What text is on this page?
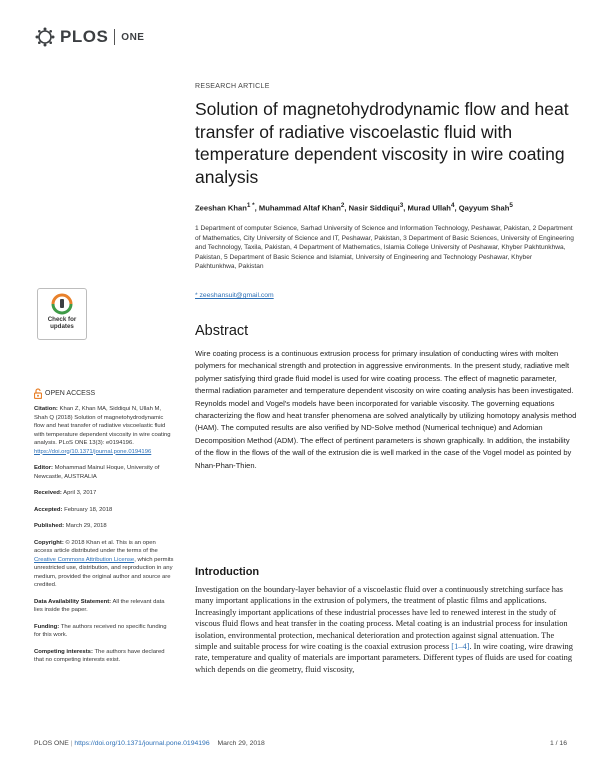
PLOS ONE
RESEARCH ARTICLE
Solution of magnetohydrodynamic flow and heat transfer of radiative viscoelastic fluid with temperature dependent viscosity in wire coating analysis
Zeeshan Khan$^{1 *}$, Muhammad Altaf Khan$^2$, Nasir Siddiqui$^3$, Murad Ullah$^4$, Qayyum Shah$^5$
1 Department of computer Science, Sarhad University of Science and Information Technology, Peshawar, Pakistan, 2 Department of Mathematics, City University of Science and IT, Peshawar, Pakistan, 3 Department of Basic Sciences, University of Engineering and Technology, Taxila, Pakistan, 4 Department of Mathematics, Islamia College University of Peshawar, Khyber Pakhtunkhwa, Pakistan, 5 Department of Basic Science and Islamiat, University of Engineering and Technology Peshawar, Khyber Pakhtunkhwa, Pakistan
* zeeshansuit@gmail.com
Abstract

Wire coating process is a continuous extrusion process for primary insulation of conducting wires with molten polymers for mechanical strength and protection in aggressive environments. In the present study, radiative melt polymer satisfying third grade fluid model is used for wire coating process. The effect of magnetic parameter, thermal radiation parameter and temperature dependent viscosity on wire coating analysis has been investigated. Reynolds model and Vogel's models have been incorporated for variable viscosity. The governing equations characterizing the flow and heat transfer phenomena are solved analytically by utilizing homotopy analysis method (HAM). The computed results are also verified by ND-Solve method (Numerical technique) and Adomian Decomposition Method (ADM). The effect of pertinent parameters is shown graphically. In addition, the instability of the flow in the flows of the wall of the extrusion die is well marked in the case of the Vogel model as pointed by Nhan-Phan-Thien.

Introduction

Investigation on the boundary-layer behavior of a viscoelastic fluid over a continuously stretching surface has many important applications in the extrusion of polymers, the treatment of plastic films and applications. Increasingly important applications of these industrial processes have led to renewed interest in the study of viscous fluid flows and heat transfer in the coating process. Metal coating is an industrial process for insulation isolation, environmental protection, mechanical deterioration and protection against signal attenuation. The simple and suitable process for wire coating is the coaxial extrusion process [1–4]. In wire coating, wire drawing rate, temperature and quality of materials are important parameters. Different types of fluids are used for coating which depends on die geometry, fluid viscosity,

Check for updates
OPEN ACCESS
Citation: Khan Z, Khan MA, Siddiqui N, Ullah M, Shah Q (2018) Solution of magnetohydrodynamic flow and heat transfer of radiative viscoelastic fluid with temperature dependent viscosity in wire coating analysis. PLoS ONE 13(3): e0194196. https://doi.org/10.1371/journal.pone.0194196
Editor: Mohammad Mainul Hoque, University of Newcastle, AUSTRALIA
Received: April 3, 2017
Accepted: February 18, 2018
Published: March 29, 2018
Copyright: © 2018 Khan et al. This is an open access article distributed under the terms of the Creative Commons Attribution License, which permits unrestricted use, distribution, and reproduction in any medium, provided the original author and source are credited.
Data Availability Statement: All the relevant data lies inside the paper.
Funding: The authors received no specific funding for this work.
Competing interests: The authors have declared that no competing interests exist.
PLOS ONE | https://doi.org/10.1371/journal.pone.0194196 March 29, 2018	1 / 16
